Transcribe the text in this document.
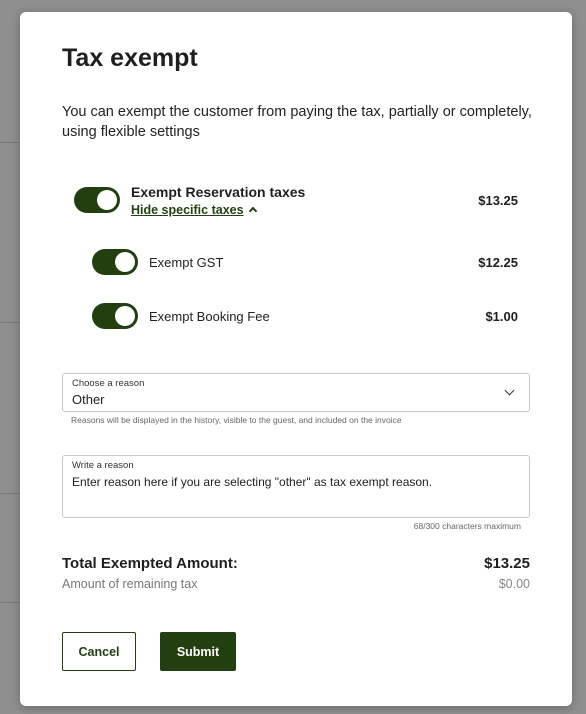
Tax exempt
You can exempt the customer from paying the tax, partially or completely, using flexible settings
Exempt Reservation taxes
Hide specific taxes
$13.25
Exempt GST	$12.25
Exempt Booking Fee	$1.00
Choose a reason
Other
Reasons will be displayed in the history, visible to the guest, and included on the invoice
Write a reason
Enter reason here if you are selecting "other" as tax exempt reason.
68/300 characters maximum
Total Exempted Amount:	$13.25
Amount of remaining tax	$0.00
Cancel	Submit
